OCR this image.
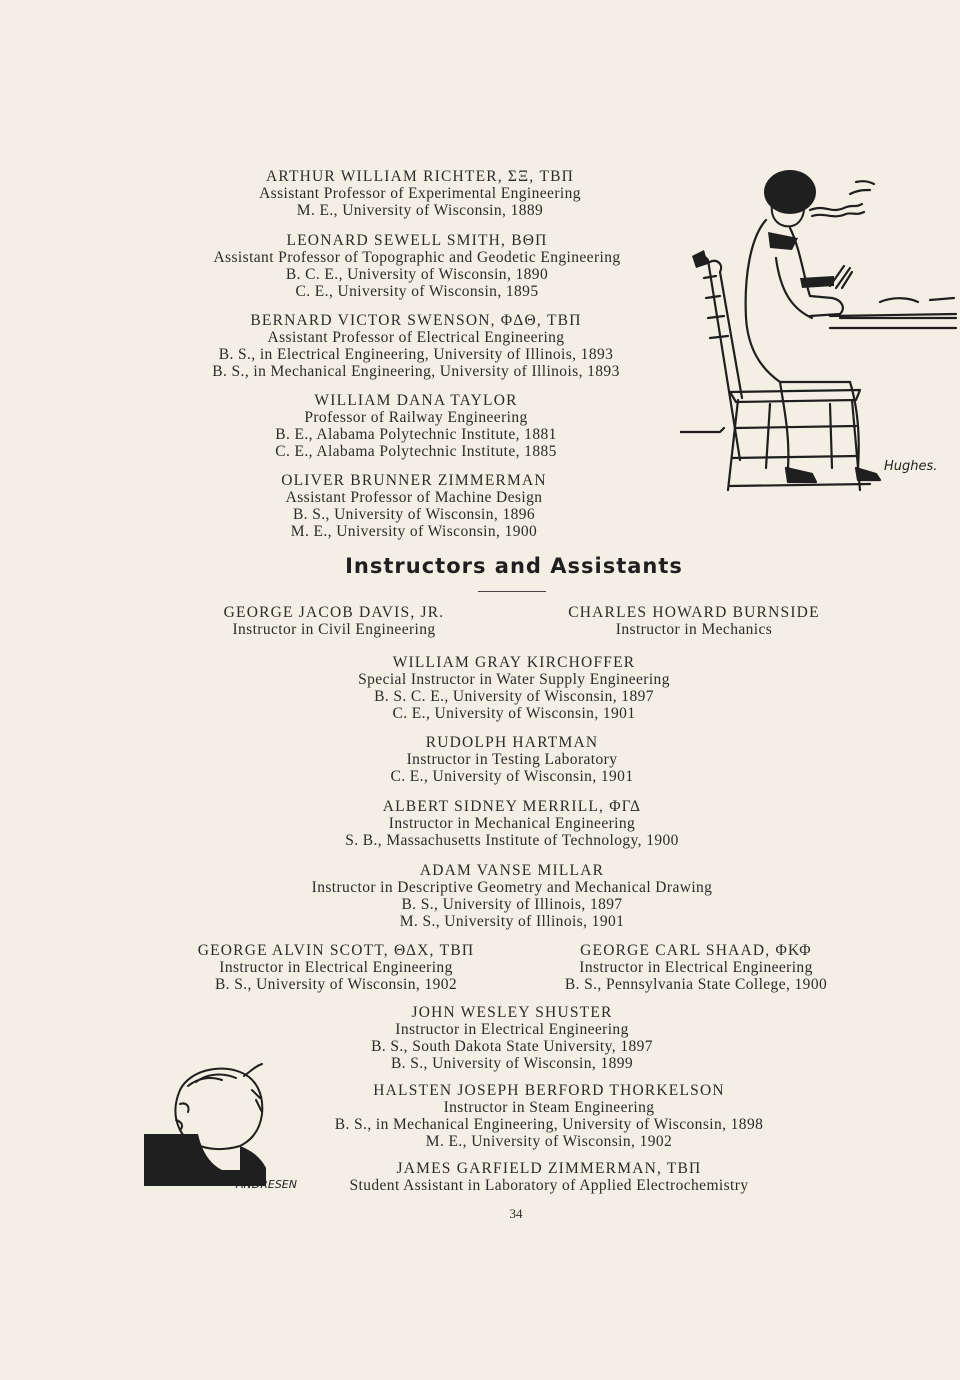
ARTHUR WILLIAM RICHTER, ΣΞ, TBΠ
Assistant Professor of Experimental Engineering
M. E., University of Wisconsin, 1889
LEONARD SEWELL SMITH, BΘΠ
Assistant Professor of Topographic and Geodetic Engineering
B. C. E., University of Wisconsin, 1890
C. E., University of Wisconsin, 1895
BERNARD VICTOR SWENSON, ΦΔΘ, TBΠ
Assistant Professor of Electrical Engineering
B. S., in Electrical Engineering, University of Illinois, 1893
B. S., in Mechanical Engineering, University of Illinois, 1893
WILLIAM DANA TAYLOR
Professor of Railway Engineering
B. E., Alabama Polytechnic Institute, 1881
C. E., Alabama Polytechnic Institute, 1885
OLIVER BRUNNER ZIMMERMAN
Assistant Professor of Machine Design
B. S., University of Wisconsin, 1896
M. E., University of Wisconsin, 1900
Hughes.
Instructors and Assistants
GEORGE JACOB DAVIS, JR.
Instructor in Civil Engineering
CHARLES HOWARD BURNSIDE
Instructor in Mechanics
WILLIAM GRAY KIRCHOFFER
Special Instructor in Water Supply Engineering
B. S. C. E., University of Wisconsin, 1897
C. E., University of Wisconsin, 1901
RUDOLPH HARTMAN
Instructor in Testing Laboratory
C. E., University of Wisconsin, 1901
ALBERT SIDNEY MERRILL, ΦΓΔ
Instructor in Mechanical Engineering
S. B., Massachusetts Institute of Technology, 1900
ADAM VANSE MILLAR
Instructor in Descriptive Geometry and Mechanical Drawing
B. S., University of Illinois, 1897
M. S., University of Illinois, 1901
GEORGE ALVIN SCOTT, ΘΔΧ, TBΠ
Instructor in Electrical Engineering
B. S., University of Wisconsin, 1902
GEORGE CARL SHAAD, ΦΚΦ
Instructor in Electrical Engineering
B. S., Pennsylvania State College, 1900
JOHN WESLEY SHUSTER
Instructor in Electrical Engineering
B. S., South Dakota State University, 1897
B. S., University of Wisconsin, 1899
HALSTEN JOSEPH BERFORD THORKELSON
Instructor in Steam Engineering
B. S., in Mechanical Engineering, University of Wisconsin, 1898
M. E., University of Wisconsin, 1902
JAMES GARFIELD ZIMMERMAN, TBΠ
Student Assistant in Laboratory of Applied Electrochemistry
ANDRESEN
34
